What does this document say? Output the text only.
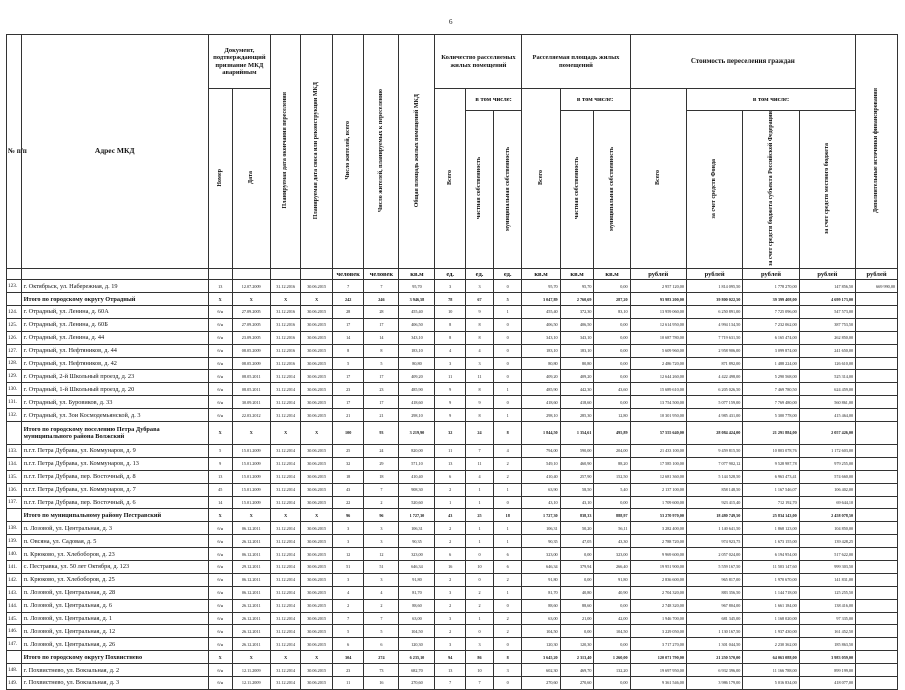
6
№ п/п	Адрес МКД	Документ, подтверждающий признание МКД аварийным		Планируемая дата окончания переселения	Планируемая дата сноса или реконструкции МКД	Число жителей, всего	Число жителей, планируемых к переселению	Общая площадь жилых помещений МКД	Количество расселяемых жилых помещений			Расселяемая площадь жилых помещений			Стоимость переселения граждан				Дополнительные источники финансирования
		Номер	Дата						Всего	в том числе:		Всего	в том числе:		Всего	в том числе:			
										частная собственность	муниципальная собственность		частная собственность	муниципальная собственность		за счет средств Фонда	за счет средств бюджета субъекта Российской Федерации	за счет средств местного бюджета	
						человек	человек	кв.м	ед.	ед.	ед.	кв.м	кв.м	кв.м	рублей	рублей	рублей	рублей	рублей
123.	г. Октябрьск, ул. Набережная, д. 19	13	12.07.2009	31.12.2016	30.06.2015	7	7	95,70	3	3	0	95,70	95,70	0,00	2 957 120,00	1 814 095,50	1 778 270,00	147 856,50	669 990,00
	Итого по городскому округу Отрадный	Х	Х	Х	Х	242	246	3 946,58	78	67	5	3 047,89	2 760,69	287,20	93 983 200,00	39 800 022,50	39 399 408,00	4 699 173,00	
124.	г. Отрадный, ул. Ленина, д. 60А	б/н	27.09.2005	31.12.2016	30.06.2015	28	28	455,40	10	9	1	455,40	372,30	83,10	13 959 060,00	6 250 891,00	7 725 096,00	547 573,00	
125.	г. Отрадный, ул. Ленина, д. 60Б	б/н	27.09.2005	31.12.2016	30.06.2015	17	17	406,50	8	8	0	406,50	406,50	0,00	12 614 950,00	4 994 134,50	7 232 062,00	387 753,50	
126.	г. Отрадный, ул. Ленина, д. 44	б/н	23.09.2005	31.12.2016	30.06.2015	14	14	343,10	8	8	0	343,10	343,10	0,00	10 687 780,00	7 719 631,50	6 165 474,00	262 850,00	
127.	г. Отрадный, ул. Нефтяников, д. 44	б/н	08.05.2009	31.12.2016	30.06.2015	8	8	183,10	4	4	0	183,10	183,10	0,00	5 609 960,00	2 958 906,00	3 099 874,00	241 650,00	
128.	г. Отрадный, ул. Нефтяников, д. 42	б/н	08.05.2009	31.12.2016	30.06.2015	5	5	80,80	3	3	0	80,80	80,80	0,00	2 486 720,00	871 892,00	1 488 224,00	126 610,00	
129.	г. Отрадный, 2-й Школьный проезд, д. 23	б/н	08.05.2011	31.12.2014	30.06.2015	17	17	409,20	11	11	0	409,20	409,20	0,00	12 644 260,00	4 422 498,00	5 290 568,00	525 314,00	
130.	г. Отрадный, 1-й Школьный проезд, д. 20	б/н	08.05.2011	31.12.2014	30.06.2015	23	23	485,90	9	8	1	485,90	442,30	43,60	15 689 610,00	6 205 026,50	7 469 780,50	624 459,00	
131.	г. Отрадный, ул. Буровиков, д. 33	б/н	30.09.2011	31.12.2014	30.06.2015	17	17	418,60	9	9	0	418,60	418,60	0,00	13 754 500,00	5 077 159,00	7 769 480,00	560 861,00	
132.	г. Отрадный, ул. Зои Космодемьянской, д. 3	б/н	22.03.2012	31.12.2014	30.06.2015	21	21	298,10	9	8	1	298,10	285,30	12,80	10 301 950,00	4 985 431,00	5 300 778,00	415 464,00	
	Итого по городскому поселению Петра Дубрава муниципального района Волжский	Х	Х	Х	Х	100	93	3 219,90	32	24	8	1 844,50	1 354,61	495,89	57 555 640,00	28 084 424,00	21 291 884,00	2 057 426,00	
133.	п.г.т. Петра Дубрава, ул. Коммунаров, д. 9	5	15.01.2009	31.12.2014	30.06.2015	25	24	820,00	11	7	4	794,00	590,00	204,00	21 433 100,00	9 459 815,50	10 803 078,76	1 172 603,00	
134.	п.г.т. Петра Дубрава, ул. Коммунаров, д. 13	9	15.01.2009	31.12.2014	30.06.2015	32	29	571,10	13	11	2	549,10	460,90	88,20	17 585 100,00	7 077 902,12	9 528 987,78	979 255,00	
135.	п.г.т. Петра Дубрава, пер. Восточный, д. 8	13	15.01.2009	31.12.2014	30.06.2015	18	18	410,40	6	4	2	410,40	257,90	152,50	12 681 360,00	5 144 528,50	6 963 473,41	574 660,00	
136.	п.г.т. Петра Дубрава, ул. Коммунаров, д. 7	45	15.01.2009	31.12.2014	30.06.2015	43	7	908,30	2	1	1	63,90	58,50	5,40	2 137 100,00	858 148,50	1 167 546,07	106 402,00	
137.	п.г.т. Петра Дубрава, пер. Восточный, д. 6	14	15.01.2009	31.12.2014	30.06.2015	22	2	520,60	1	1	0	43,10	43,10	0,00	1 709 600,00	923 415,40	712 192,70	69 644,10	
	Итого по муниципальному району Пестравский	Х	Х	Х	Х	96	96	1 727,30	43	25	18	1 727,30	838,33	888,97	53 270 970,00	18 480 749,50	25 834 143,00	2 458 078,50	
138.	п. Лозовой, ул. Центральная, д. 3	б/н	06.12.2011	31.12.2014	30.06.2015	3	3	106,31	2	1	1	106,31	50,20	56,11	3 282 400,00	1 140 641,50	1 868 123,00	104 850,00	
139.	п. Овсяна, ул. Садовая, д. 5	б/н	26.12.2011	31.12.2014	30.06.2015	3	3	90,35	2	1	1	90,35	47,05	43,30	2 788 720,00	974 923,75	1 673 155,00	139 428,25	
140.	п. Крюково, ул. Хлебоборов, д. 23	б/н	06.12.2011	31.12.2014	30.06.2015	12	12	323,00	6	0	6	323,00	0,00	323,00	9 969 600,00	2 057 024,00	6 194 954,00	517 622,00	
141.	с. Пестравка, ул. 50 лет Октября, д. 123	б/н	29.12.2011	31.12.2014	30.06.2015	51	51	646,34	16	10	6	646,34	379,94	266,40	19 951 900,00	5 559 167,50	11 503 147,60	999 303,50	
142.	п. Крюково, ул. Хлебоборов, д. 25	б/н	06.12.2011	31.12.2014	30.06.2015	3	3	91,80	2	0	2	91,80	0,00	91,80	2 836 600,00	965 817,00	1 970 670,00	141 831,00	
143.	п. Лозовой, ул. Центральная, д. 28	б/н	06.12.2011	31.12.2014	30.06.2015	4	4	81,70	3	2	1	81,70	40,80	40,90	2 704 320,00	883 356,50	1 144 718,00	125 255,50	
144.	п. Лозовой, ул. Центральная, д. 6	б/н	26.12.2011	31.12.2014	30.06.2015	2	2	88,60	2	2	0	88,60	88,60	0,00	2 748 320,00	967 804,00	1 661 184,00	138 416,00	
145.	п. Лозовой, ул. Центральная, д. 1	б/н	26.12.2011	31.12.2014	30.06.2015	7	7	63,00	3	1	2	63,00	21,00	42,00	1 946 700,00	681 345,00	1 168 020,00	97 335,00	
146.	п. Лозовой, ул. Центральная, д. 12	б/н	26.12.2011	31.12.2014	30.06.2015	5	5	104,50	2	0	2	104,50	0,00	104,50	3 229 050,00	1 130 167,50	1 937 430,00	161 452,50	
147.	п. Лозовой, ул. Центральная, д. 26	б/н	26.12.2011	31.12.2014	30.06.2015	6	6	120,30	3	3	0	120,30	120,30	0,00	3 717 270,00	1 301 044,50	2 230 362,00	185 863,50	
	Итого по городскому округу Похвистнево	Х	Х	Х	Х	304	274	6 235,10	94	86	8	3 645,20	2 313,40	1 260,00	120 071 790,00	21 250 570,00	64 063 088,00	3 983 059,00	
148.	г. Похвистнево, ул. Вокзальная, д. 2	б/н	12.11.2009	31.12.2014	30.06.2015	23	73	682,70	13	10	3	602,30	469,70	132,20	19 697 950,00	6 932 396,00	11 166 788,00	899 199,00	
149.	г. Похвистнево, ул. Вокзальная, д. 3	б/н	12.11.2009	31.12.2014	30.06.2015	11	16	270,60	7	7	0	270,60	270,60	0,00	9 361 546,00	3 986 179,00	5 016 834,00	418 077,00	
